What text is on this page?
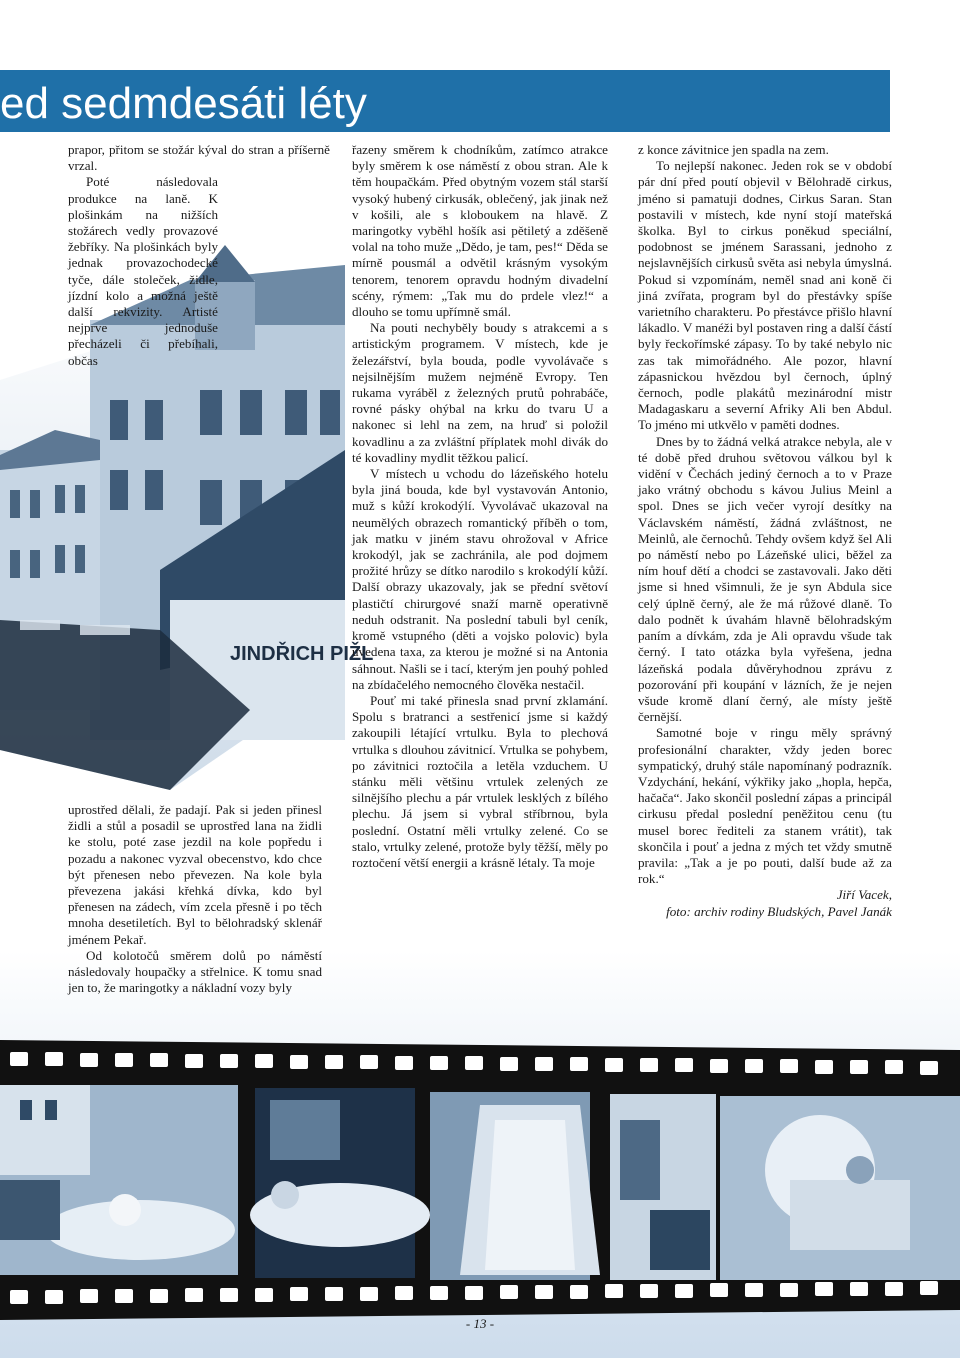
ed sedmdesáti léty
JINDŘICH PIŽL

prapor, přitom se stožár kýval do stran a příšerně vrzal.

Poté následovala produkce na laně. K plošinkám na nižších stožárech vedly provazové žebříky. Na plošinkách byly jednak provazochodecké tyče, dále stoleček, židle, jízdní kolo a možná ještě další rekvizity. Artisté nejprve jednoduše přecházeli či přebíhali, občas

uprostřed dělali, že padají. Pak si jeden přinesl židli a stůl a posadil se uprostřed lana na židli ke stolu, poté zase jezdil na kole popředu i pozadu a nakonec vyzval obecenstvo, kdo chce být přenesen nebo převezen. Na kole byla převezena jakási křehká dívka, kdo byl přenesen na zádech, vím zcela přesně i po těch mnoha desetiletích. Byl to bělohradský sklenář jménem Pekař.

Od kolotočů směrem dolů po náměstí následovaly houpačky a střelnice. K tomu snad jen to, že maringotky a nákladní vozy byly

řazeny směrem k chodníkům, zatímco atrakce byly směrem k ose náměstí z obou stran. Ale k těm houpačkám. Před obytným vozem stál starší vysoký hubený cirkusák, oblečený, jak jinak než v košili, ale s kloboukem na hlavě. Z maringotky vyběhl hošík asi pětiletý a zděšeně volal na toho muže „Dědo, je tam, pes!“ Děda se mírně pousmál a odvětil krásným vysokým tenorem, tenorem opravdu hodným divadelní scény, rýmem: „Tak mu do prdele vlez!“ a dlouho se tomu upřímně smál.

Na pouti nechyběly boudy s atrakcemi a s artistickým programem. V místech, kde je železářství, byla bouda, podle vyvolávače s nejsilnějším mužem nejméně Evropy. Ten rukama vyráběl z železných prutů pohrabáče, rovné pásky ohýbal na krku do tvaru U a nakonec si lehl na zem, na hruď si položil kovadlinu a za zvláštní příplatek mohl divák do té kovadliny mydlit těžkou palicí.

V místech u vchodu do lázeňského hotelu byla jiná bouda, kde byl vystavován Antonio, muž s kůží krokodýlí. Vyvolávač ukazoval na neumělých obrazech romantický příběh o tom, jak matku v jiném stavu ohrožoval v Africe krokodýl, jak se zachránila, ale pod dojmem prožité hrůzy se dítko narodilo s krokodýlí kůží. Další obrazy ukazovaly, jak se přední světoví plastičtí chirurgové snaží marně operativně neduh odstranit. Na poslední tabuli byl ceník, kromě vstupného (děti a vojsko polovic) byla uvedena taxa, za kterou je možné si na Antonia sáhnout. Našli se i tací, kterým jen pouhý pohled na zbídačelého nemocného člověka nestačil.

Pouť mi také přinesla snad první zklamání. Spolu s bratranci a sestřenicí jsme si každý zakoupili létající vrtulku. Byla to plechová vrtulka s dlouhou závitnicí. Vrtulka se pohybem, po závitnici roztočila a letěla vzduchem. U stánku měli většinu vrtulek zelených ze silnějšího plechu a pár vrtulek lesklých z bílého plechu. Já jsem si vybral stříbrnou, byla poslední. Ostatní měli vrtulky zelené. Co se stalo, vrtulky zelené, protože byly těžší, měly po roztočení větší energii a krásně létaly. Ta moje

z konce závitnice jen spadla na zem.

To nejlepší nakonec. Jeden rok se v období pár dní před poutí objevil v Bělohradě cirkus, jméno si pamatuji dodnes, Cirkus Saran. Stan postavili v místech, kde nyní stojí mateřská školka. Byl to cirkus poněkud speciální, podobnost se jménem Sarassani, jednoho z nejslavnějších cirkusů světa asi nebyla úmyslná. Pokud si vzpomínám, neměl snad ani koně či jiná zvířata, program byl do přestávky spíše varietního charakteru. Po přestávce přišlo hlavní lákadlo. V manéži byl postaven ring a další částí byly řeckořímské zápasy. To by také nebylo nic zas tak mimořádného. Ale pozor, hlavní zápasnickou hvězdou byl černoch, úplný černoch, podle plakátů mezinárodní mistr Madagaskaru a severní Afriky Ali ben Abdul. To jméno mi utkvělo v paměti dodnes.

Dnes by to žádná velká atrakce nebyla, ale v té době před druhou světovou válkou byl k vidění v Čechách jediný černoch a to v Praze jako vrátný obchodu s kávou Julius Meinl a spol. Dnes se jich večer vyrojí desítky na Václavském náměstí, žádná zvláštnost, ne Meinlů, ale černochů. Tehdy ovšem když šel Ali po náměstí nebo po Lázeňské ulici, běžel za ním houf dětí a chodci se zastavovali. Jako děti jsme si hned všimnuli, že je syn Abdula sice celý úplně černý, ale že má růžové dlaně. To dalo podnět k úvahám hlavně bělohradským paním a dívkám, zda je Ali opravdu všude tak černý. I tato otázka byla vyřešena, jedna lázeňská podala důvěryhodnou zprávu z pozorování při koupání v lázních, že je nejen všude kromě dlaní černý, ale místy ještě černější.

Samotné boje v ringu měly správný profesionální charakter, vždy jeden borec sympatický, druhý stále napomínaný podrazník. Vzdychání, hekání, výkřiky jako „hopla, hepča, hačača“. Jako skončil poslední zápas a principál cirkusu předal poslední peněžitou cenu (tu musel borec řediteli za stanem vrátit), tak skončila i pouť a jedna z mých tet vždy smutně pravila: „Tak a je po pouti, další bude až za rok.“

Jiří Vacek,

foto: archiv rodiny Bludských, Pavel Janák

- 13 -
